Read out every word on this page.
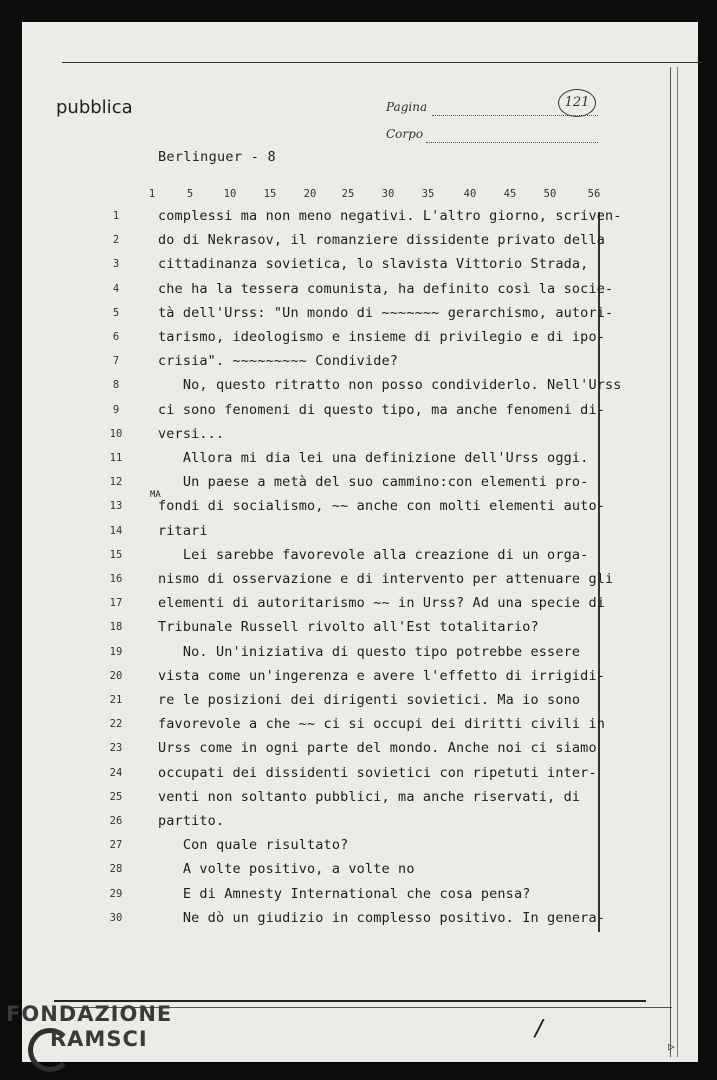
pubblica	Pagina	121
Corpo
Berlinguer - 8
1	5	10	15	20 25	30	35	40	45	50	56
1	complessi ma non meno negativi. L'altro giorno, scriven-
2	do di Nekrasov, il romanziere dissidente privato della
3	cittadinanza sovietica, lo slavista Vittorio Strada,
4	che ha la tessera comunista, ha definito così la socie-
5	tà dell'Urss: "Un mondo di ~~~~~~~ gerarchismo, autori-
6	tarismo, ideologismo e insieme di privilegio e di ipo-
7	crisia". ~~~~~~~~~ Condivide?
8	No, questo ritratto non posso condividerlo. Nell'Urss
9	ci sono fenomeni di questo tipo, ma anche fenomeni di-
10	versi...
11	Allora mi dia lei una definizione dell'Urss oggi.
12	Un paese a metà del suo cammino:con elementi pro-
13	fondi di socialismo, ~~ anche con molti elementi auto-
14	ritari
15	Lei sarebbe favorevole alla creazione di un orga-
16	nismo di osservazione e di intervento per attenuare gli
17	elementi di autoritarismo ~~ in Urss? Ad una specie di
18	Tribunale Russell rivolto all'Est totalitario?
19	No. Un'iniziativa di questo tipo potrebbe essere
20	vista come un'ingerenza e avere l'effetto di irrigidi-
21	re le posizioni dei dirigenti sovietici. Ma io sono
22	favorevole a che ~~ ci si occupi dei diritti civili in
23	Urss come in ogni parte del mondo. Anche noi ci siamo
24	occupati dei dissidenti sovietici con ripetuti inter-
25	venti non soltanto pubblici, ma anche riservati, di
26	partito.
27	Con quale risultato?
28	A volte positivo, a volte no
29	E di Amnesty International che cosa pensa?
30	Ne dò un giudizio in complesso positivo. In genera-
MA
/
▷
FONDAZIONE
RAMSCI
